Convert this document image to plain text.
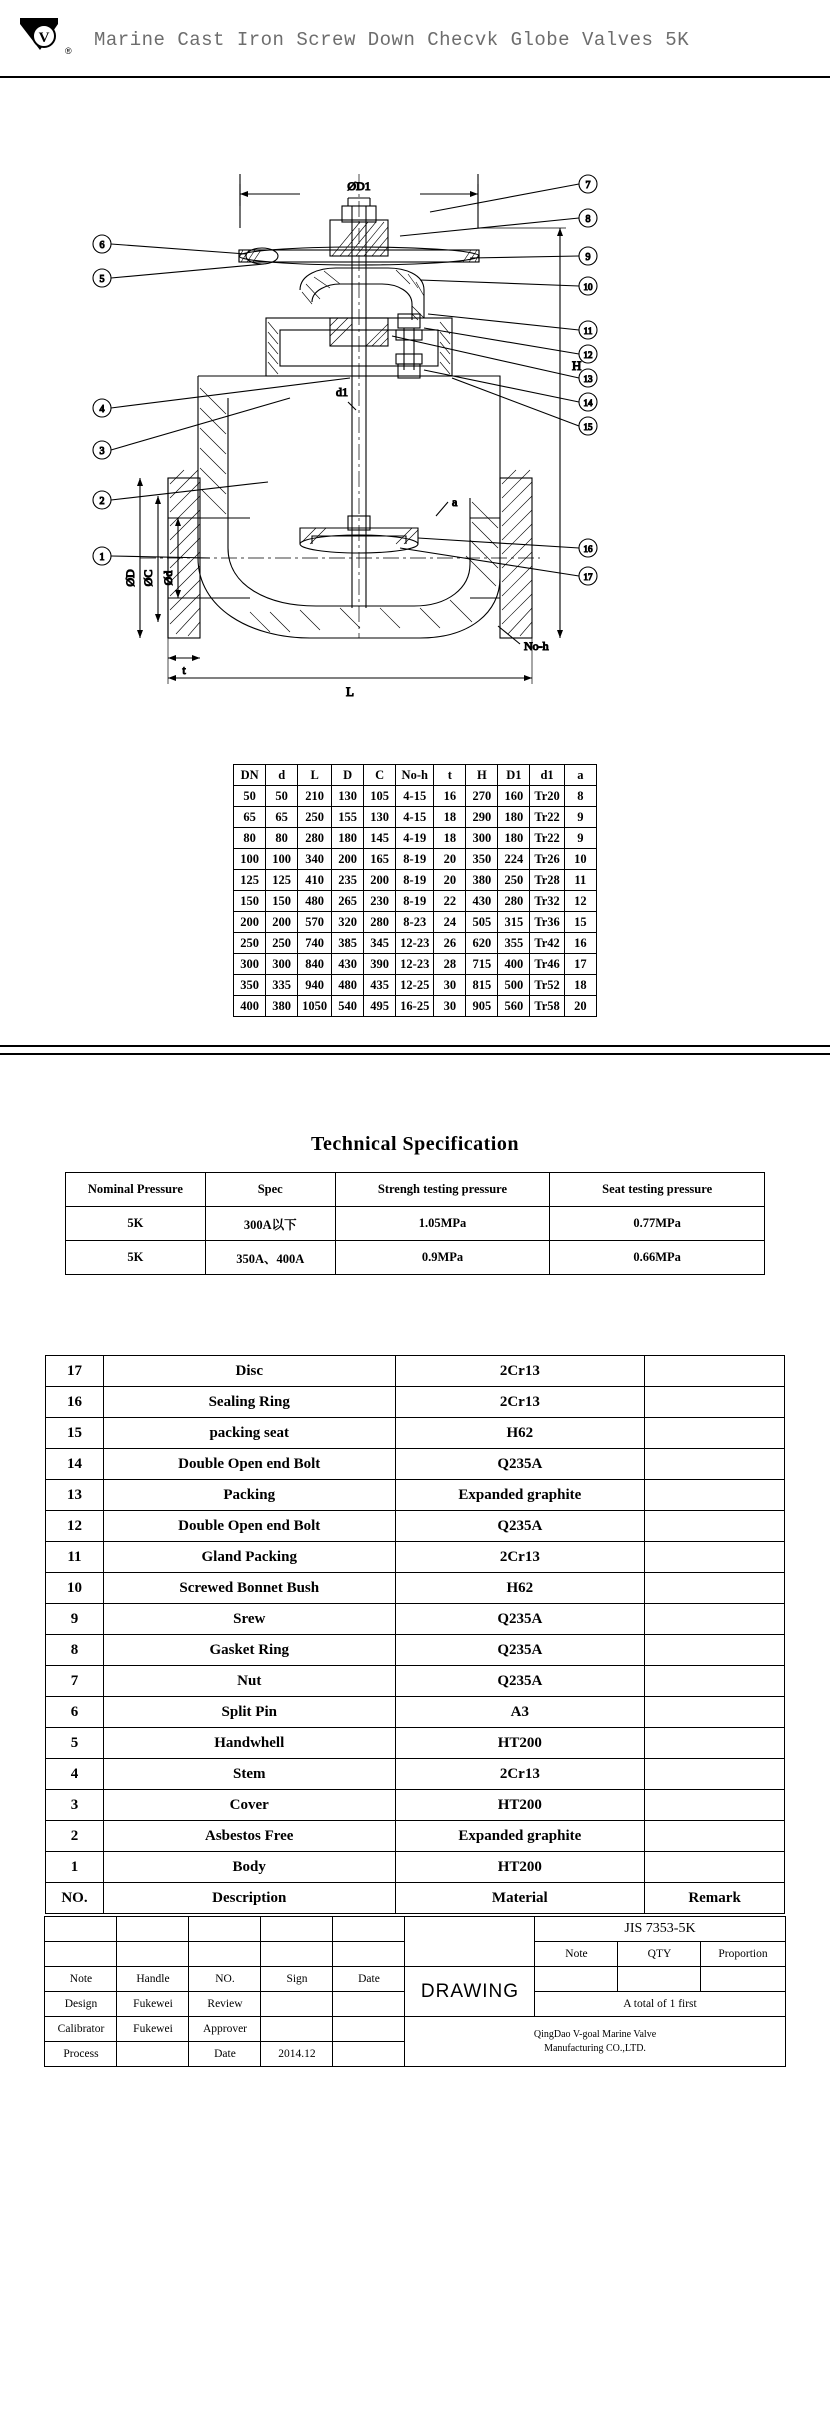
V
® Marine Cast Iron Screw Down Checvk Globe Valves 5K
ØD1
H
d1
ØD ØC Ød
t
L
No-h
a
7
8
9
10
11
12
13
14
15
16
17
6
5
4
3
2
1
DN	d	L	D	C	No-h	t	H	D1	d1	a
50	50	210	130	105	4-15	16	270	160	Tr20	8
65	65	250	155	130	4-15	18	290	180	Tr22	9
80	80	280	180	145	4-19	18	300	180	Tr22	9
100	100	340	200	165	8-19	20	350	224	Tr26	10
125	125	410	235	200	8-19	20	380	250	Tr28	11
150	150	480	265	230	8-19	22	430	280	Tr32	12
200	200	570	320	280	8-23	24	505	315	Tr36	15
250	250	740	385	345	12-23	26	620	355	Tr42	16
300	300	840	430	390	12-23	28	715	400	Tr46	17
350	335	940	480	435	12-25	30	815	500	Tr52	18
400	380	1050	540	495	16-25	30	905	560	Tr58	20
Technical Specification
Nominal Pressure	Spec	Strengh testing pressure	Seat testing pressure
5K	300A以下	1.05MPa	0.77MPa
5K	350A、400A	0.9MPa	0.66MPa
17	Disc	2Cr13	
16	Sealing Ring	2Cr13	
15	packing seat	H62	
14	Double Open end Bolt	Q235A	
13	Packing	Expanded graphite	
12	Double Open end Bolt	Q235A	
11	Gland Packing	2Cr13	
10	Screwed Bonnet Bush	H62	
9	Srew	Q235A	
8	Gasket Ring	Q235A	
7	Nut	Q235A	
6	Split Pin	A3	
5	Handwhell	HT200	
4	Stem	2Cr13	
3	Cover	HT200	
2	Asbestos Free	Expanded graphite	
1	Body	HT200	
NO.	Description	Material	Remark
						JIS 7353-5K		
						Note	QTY	Proportion
Note	Handle	NO.	Sign	Date	DRAWING			
Design	Fukewei	Review				A total of 1 first		
Calibrator	Fukewei	Approver			QingDao V-goal Marine Valve
Manufacturing CO.,LTD.			
Process		Date	2014.12					
